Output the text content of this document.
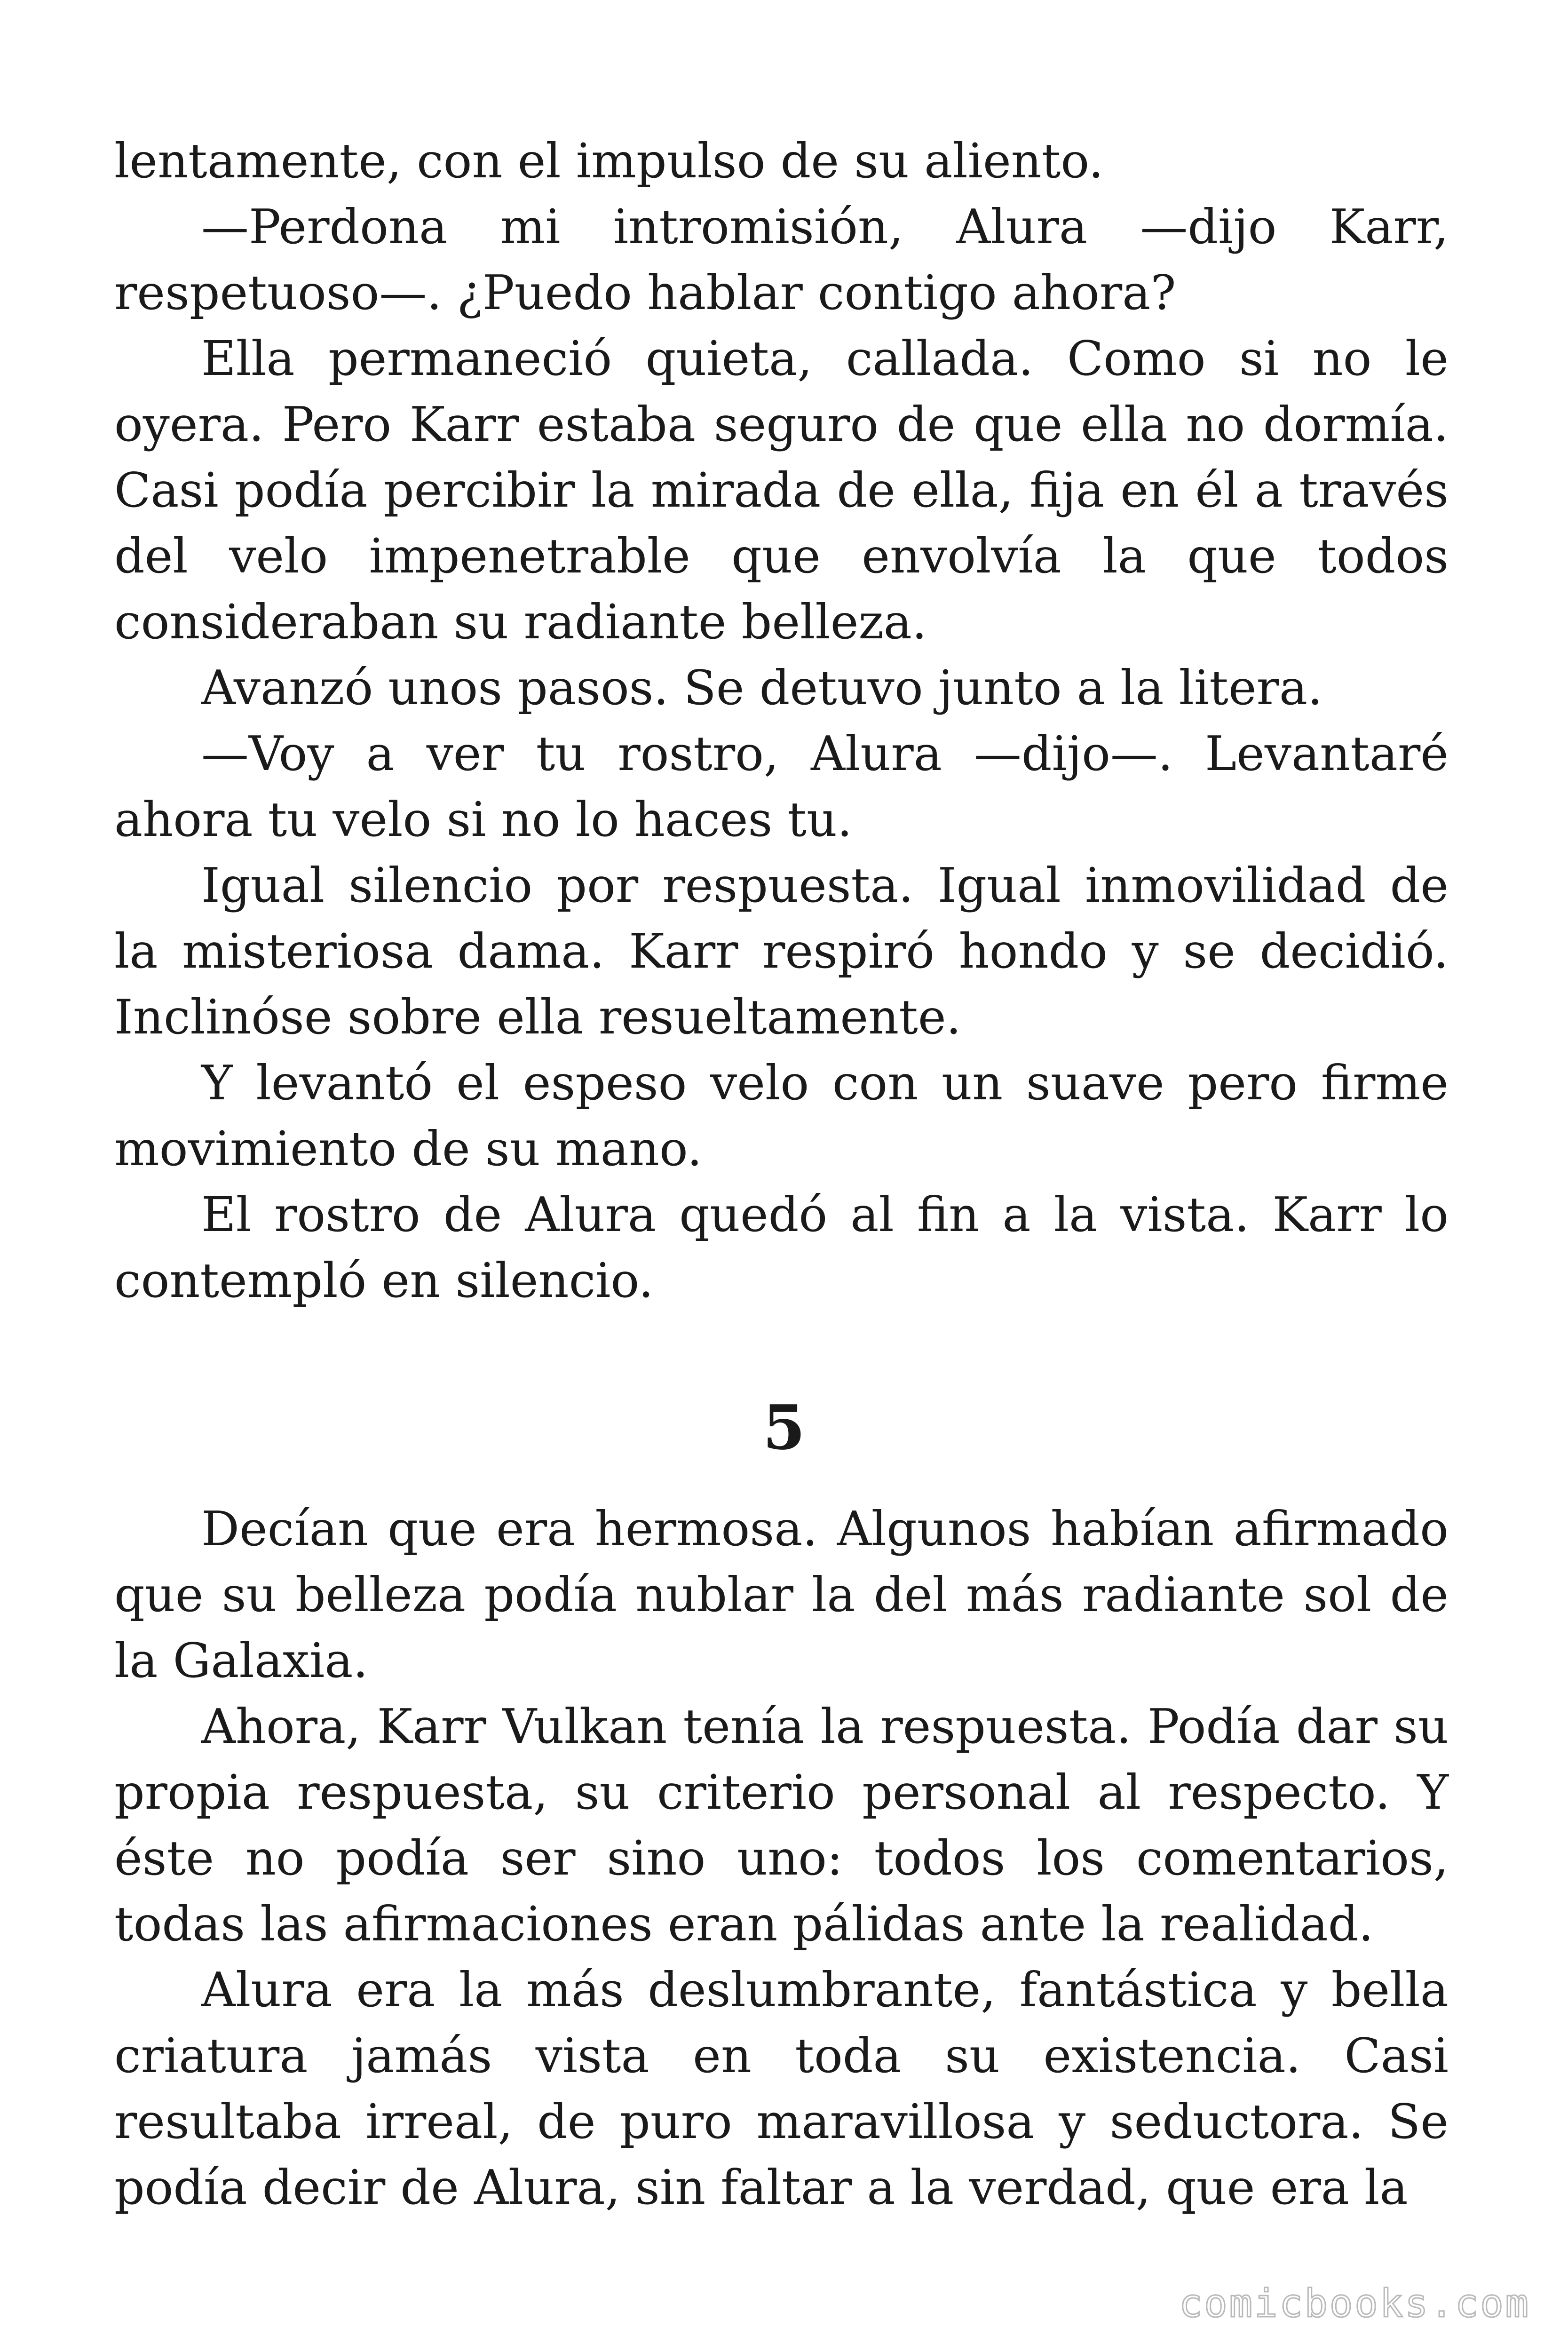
lentamente, con el impulso de su aliento.

—Perdona mi intromisión, Alura —dijo Karr, respetuoso—. ¿Puedo hablar contigo ahora?

Ella permaneció quieta, callada. Como si no le oyera. Pero Karr estaba seguro de que ella no dormía. Casi podía percibir la mirada de ella, fija en él a través del velo impenetrable que envolvía la que todos consideraban su radiante belleza.

Avanzó unos pasos. Se detuvo junto a la litera.

—Voy a ver tu rostro, Alura —dijo—. Levantaré ahora tu velo si no lo haces tu.

Igual silencio por respuesta. Igual inmovilidad de la misteriosa dama. Karr respiró hondo y se decidió. Inclinóse sobre ella resueltamente.

Y levantó el espeso velo con un suave pero firme movimiento de su mano.

El rostro de Alura quedó al fin a la vista. Karr lo contempló en silencio.

5

Decían que era hermosa. Algunos habían afirmado que su belleza podía nublar la del más radiante sol de la Galaxia.

Ahora, Karr Vulkan tenía la respuesta. Podía dar su propia respuesta, su criterio personal al respecto. Y éste no podía ser sino uno: todos los comentarios, todas las afirmaciones eran pálidas ante la realidad.

Alura era la más deslumbrante, fantástica y bella criatura jamás vista en toda su existencia. Casi resultaba irreal, de puro maravillosa y seductora. Se podía decir de Alura, sin faltar a la verdad, que era la

comicbooks.com
